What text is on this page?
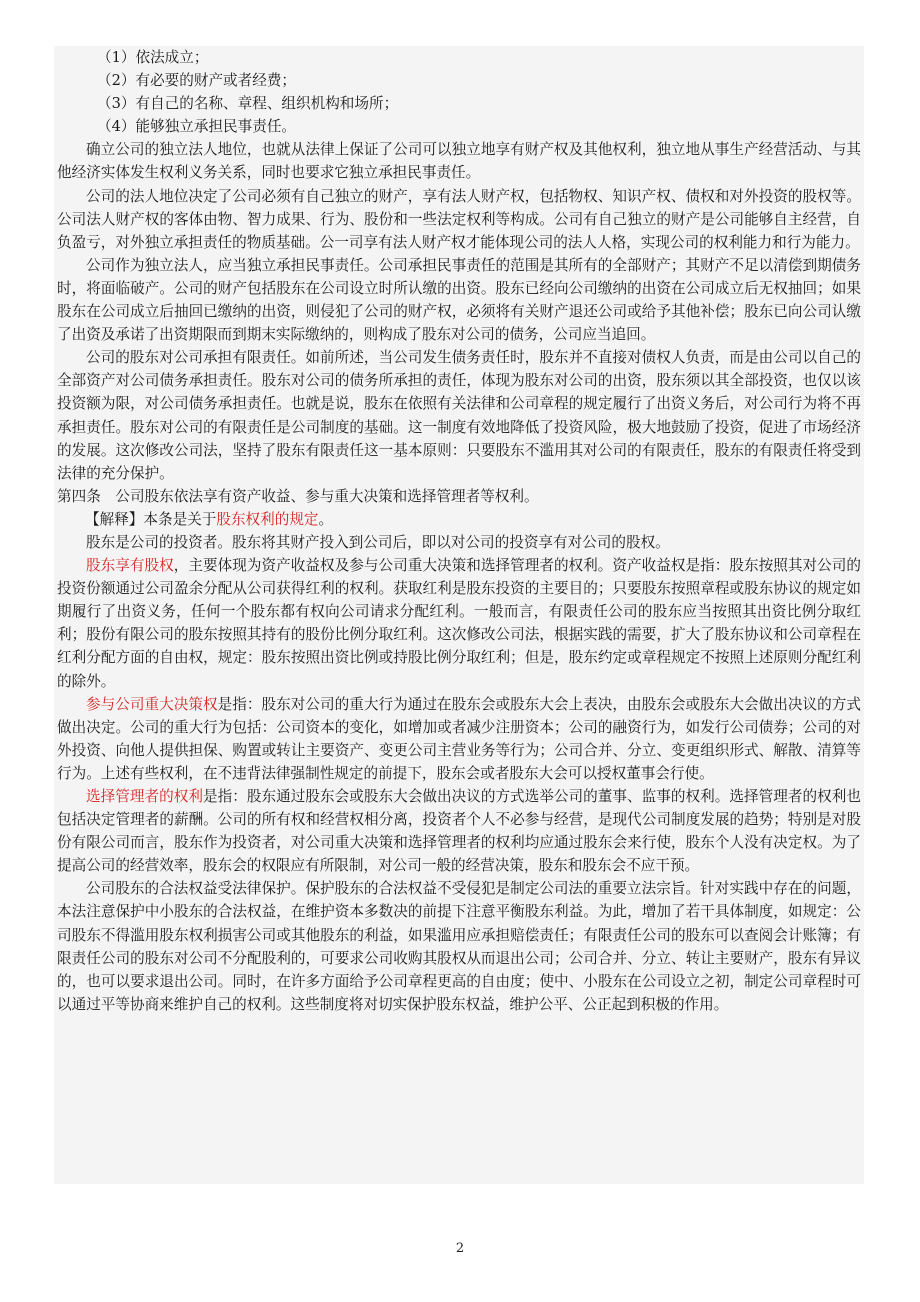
（1）依法成立；

（2）有必要的财产或者经费；

（3）有自己的名称、章程、组织机构和场所；

（4）能够独立承担民事责任。

确立公司的独立法人地位，也就从法律上保证了公司可以独立地享有财产权及其他权利，独立地从事生产经营活动、与其他经济实体发生权利义务关系，同时也要求它独立承担民事责任。

公司的法人地位决定了公司必须有自己独立的财产，享有法人财产权，包括物权、知识产权、债权和对外投资的股权等。公司法人财产权的客体由物、智力成果、行为、股份和一些法定权利等构成。公司有自己独立的财产是公司能够自主经营，自负盈亏，对外独立承担责任的物质基础。公一司享有法人财产权才能体现公司的法人人格，实现公司的权利能力和行为能力。

公司作为独立法人，应当独立承担民事责任。公司承担民事责任的范围是其所有的全部财产；其财产不足以清偿到期债务时，将面临破产。公司的财产包括股东在公司设立时所认缴的出资。股东已经向公司缴纳的出资在公司成立后无权抽回；如果股东在公司成立后抽回已缴纳的出资，则侵犯了公司的财产权，必须将有关财产退还公司或给予其他补偿；股东已向公司认缴了出资及承诺了出资期限而到期末实际缴纳的，则构成了股东对公司的债务，公司应当追回。

公司的股东对公司承担有限责任。如前所述，当公司发生债务责任时，股东并不直接对债权人负责，而是由公司以自己的全部资产对公司债务承担责任。股东对公司的债务所承担的责任，体现为股东对公司的出资，股东须以其全部投资，也仅以该投资额为限，对公司债务承担责任。也就是说，股东在依照有关法律和公司章程的规定履行了出资义务后，对公司行为将不再承担责任。股东对公司的有限责任是公司制度的基础。这一制度有效地降低了投资风险，极大地鼓励了投资，促进了市场经济的发展。这次修改公司法，坚持了股东有限责任这一基本原则：只要股东不滥用其对公司的有限责任，股东的有限责任将受到法律的充分保护。

第四条　公司股东依法享有资产收益、参与重大决策和选择管理者等权利。

【解释】本条是关于股东权利的规定。

股东是公司的投资者。股东将其财产投入到公司后，即以对公司的投资享有对公司的股权。

股东享有股权，主要体现为资产收益权及参与公司重大决策和选择管理者的权利。资产收益权是指：股东按照其对公司的投资份额通过公司盈余分配从公司获得红利的权利。获取红利是股东投资的主要目的；只要股东按照章程或股东协议的规定如期履行了出资义务，任何一个股东都有权向公司请求分配红利。一般而言，有限责任公司的股东应当按照其出资比例分取红利；股份有限公司的股东按照其持有的股份比例分取红利。这次修改公司法，根据实践的需要，扩大了股东协议和公司章程在红利分配方面的自由权，规定：股东按照出资比例或持股比例分取红利；但是，股东约定或章程规定不按照上述原则分配红利的除外。

参与公司重大决策权是指：股东对公司的重大行为通过在股东会或股东大会上表决，由股东会或股东大会做出决议的方式做出决定。公司的重大行为包括：公司资本的变化，如增加或者减少注册资本；公司的融资行为，如发行公司债券；公司的对外投资、向他人提供担保、购置或转让主要资产、变更公司主营业务等行为；公司合并、分立、变更组织形式、解散、清算等行为。上述有些权利，在不违背法律强制性规定的前提下，股东会或者股东大会可以授权董事会行使。

选择管理者的权利是指：股东通过股东会或股东大会做出决议的方式选举公司的董事、监事的权利。选择管理者的权利也包括决定管理者的薪酬。公司的所有权和经营权相分离，投资者个人不必参与经营，是现代公司制度发展的趋势；特别是对股份有限公司而言，股东作为投资者，对公司重大决策和选择管理者的权利均应通过股东会来行使，股东个人没有决定权。为了提高公司的经营效率，股东会的权限应有所限制，对公司一般的经营决策，股东和股东会不应干预。

公司股东的合法权益受法律保护。保护股东的合法权益不受侵犯是制定公司法的重要立法宗旨。针对实践中存在的问题，本法注意保护中小股东的合法权益，在维护资本多数决的前提下注意平衡股东利益。为此，增加了若干具体制度，如规定：公司股东不得滥用股东权利损害公司或其他股东的利益，如果滥用应承担赔偿责任；有限责任公司的股东可以查阅会计账簿；有限责任公司的股东对公司不分配股利的，可要求公司收购其股权从而退出公司；公司合并、分立、转让主要财产，股东有异议的，也可以要求退出公司。同时，在许多方面给予公司章程更高的自由度；使中、小股东在公司设立之初，制定公司章程时可以通过平等协商来维护自己的权利。这些制度将对切实保护股东权益，维护公平、公正起到积极的作用。

2
